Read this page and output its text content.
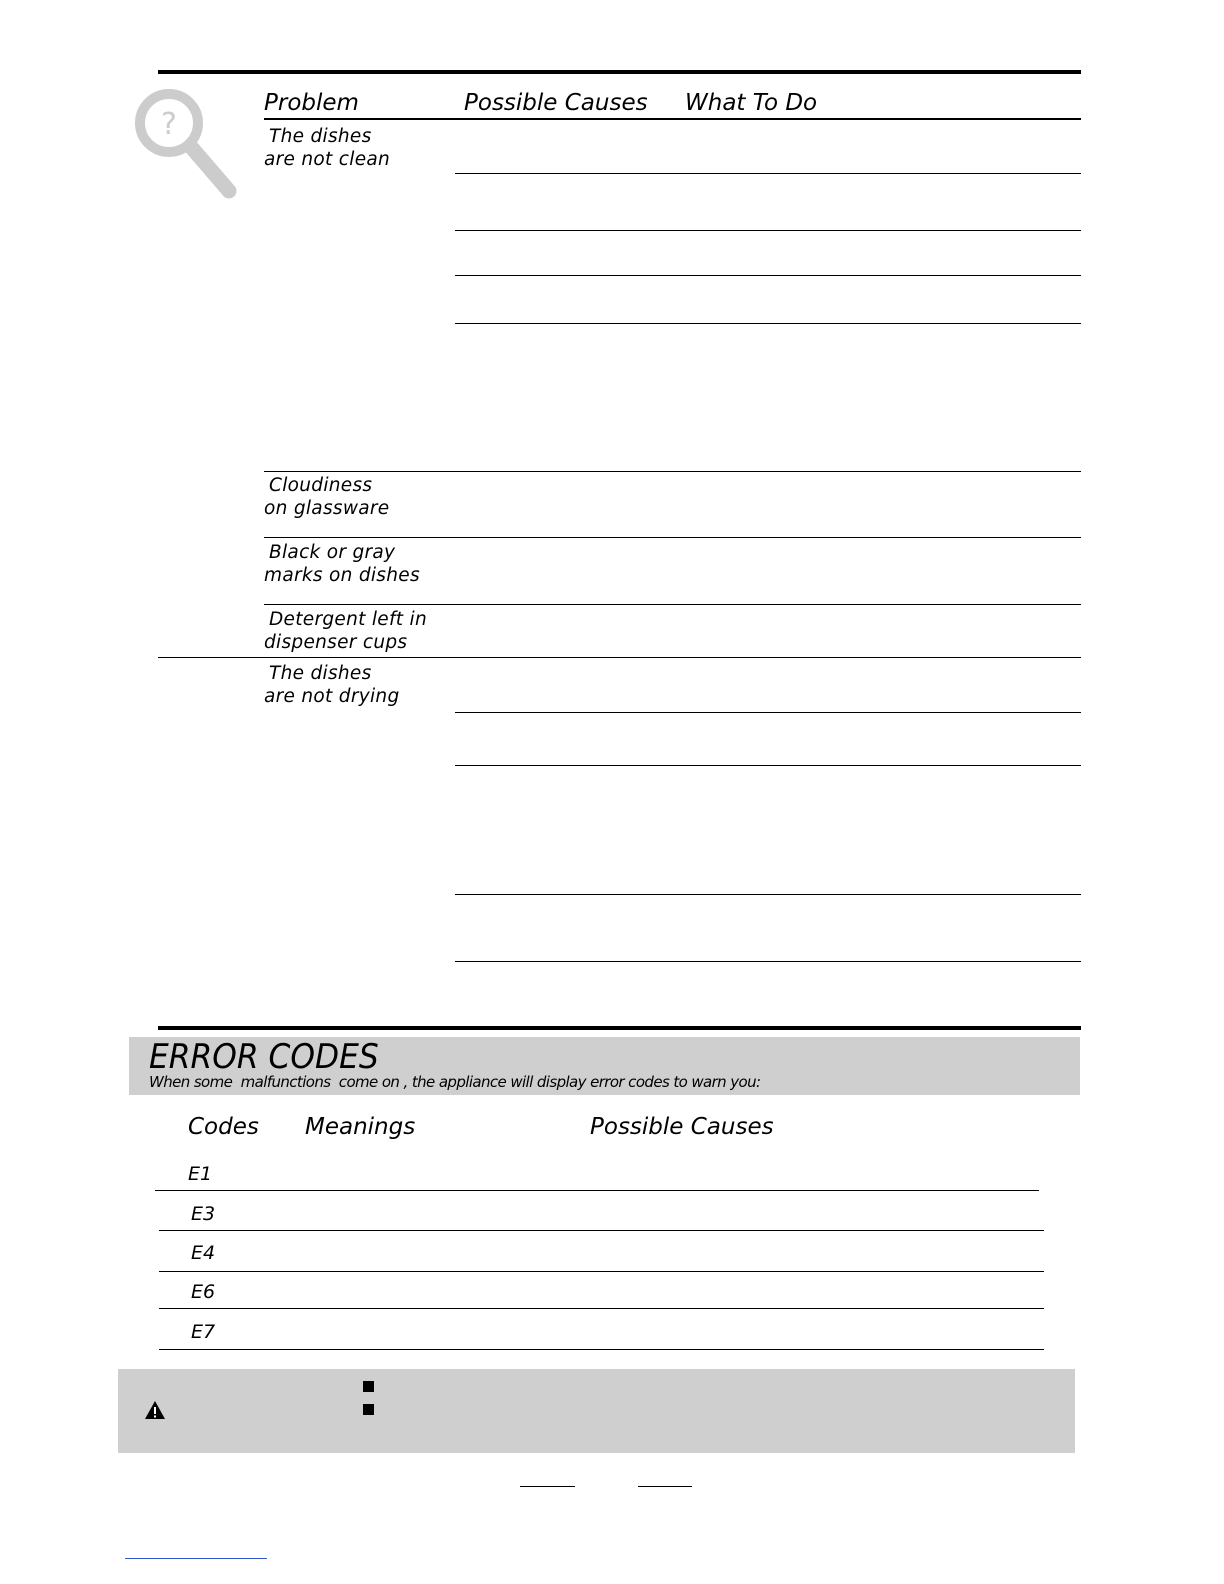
?
Problem	Possible Causes What To Do
The dishes
are not clean
Cloudiness
on glassware
Black or gray
marks on dishes
Detergent left in
dispenser cups
The dishes
are not drying
ERROR CODES
When some  malfunctions  come on , the appliance will display error codes to warn you:
Codes Meanings	Possible Causes
E1
E3
E4
E6
E7
